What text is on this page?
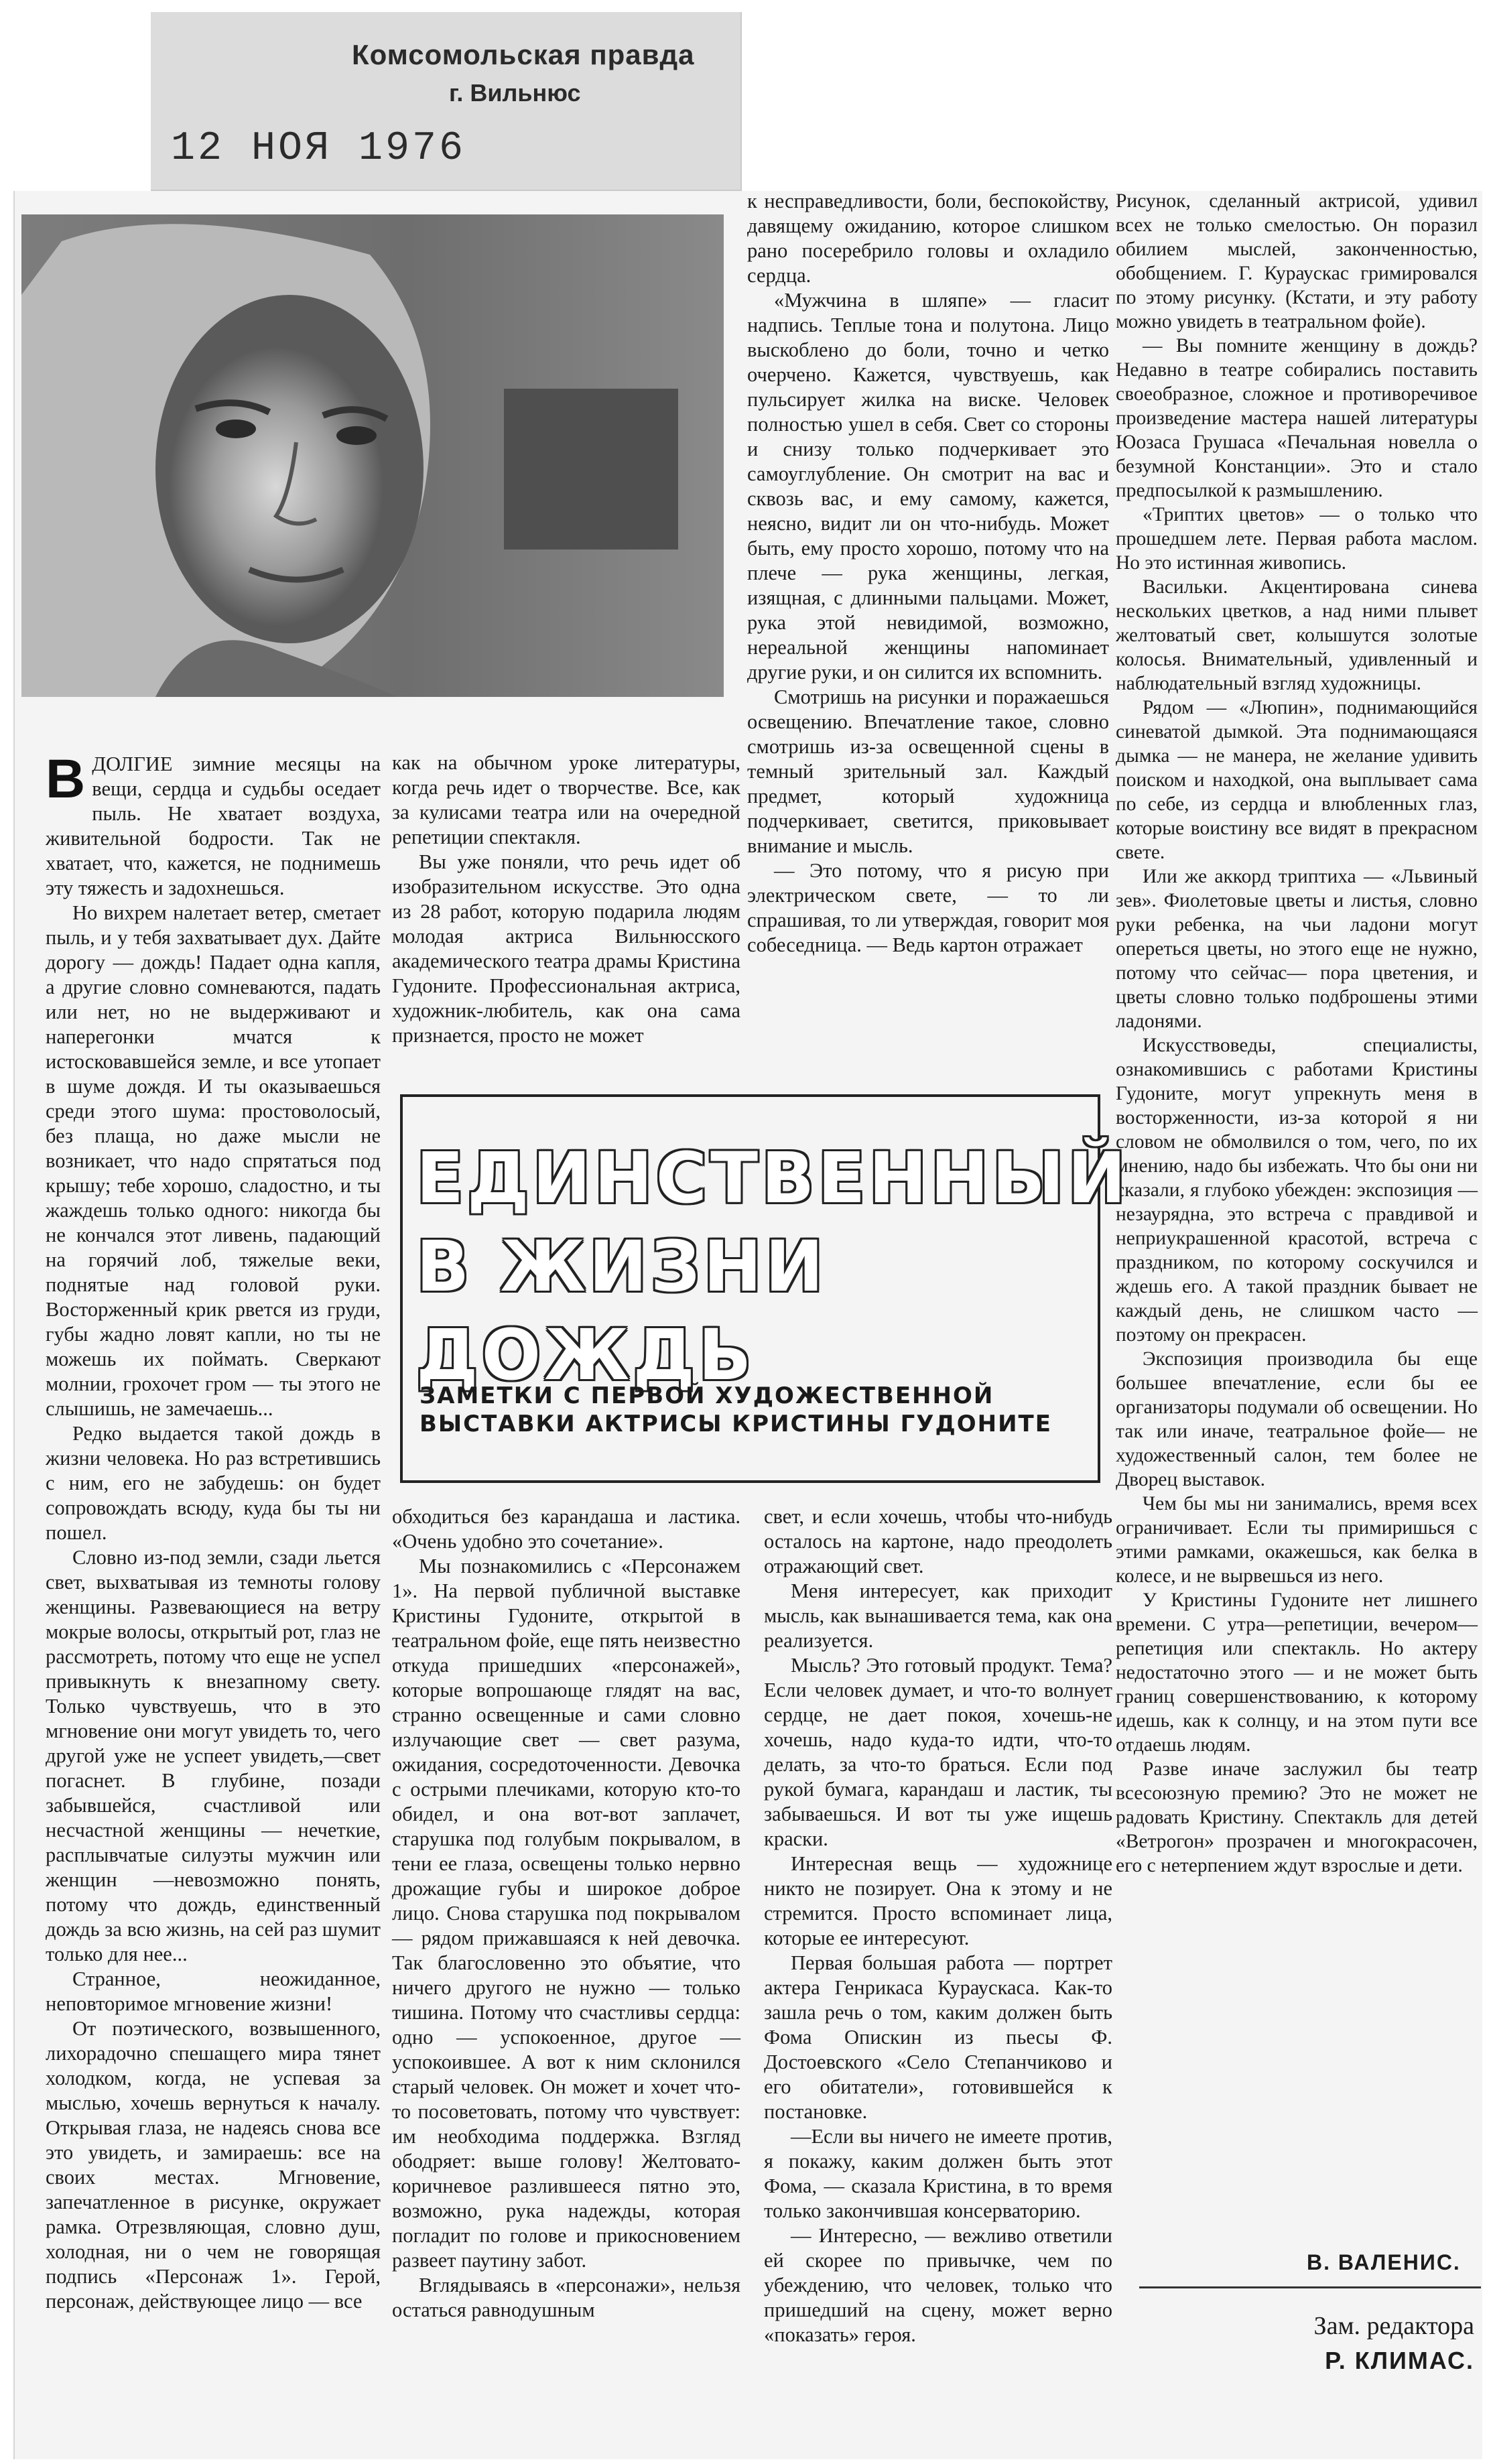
Комсомольская правда
г. Вильнюс
12 НОЯ 1976

ВДОЛГИЕ зимние месяцы на вещи, сердца и судьбы оседает пыль. Не хватает воздуха, живительной бодрости. Так не хватает, что, кажется, не поднимешь эту тяжесть и задохнешься.

Но вихрем налетает ветер, сметает пыль, и у тебя захватывает дух. Дайте дорогу — дождь! Падает одна капля, а другие словно сомневаются, падать или нет, но не выдерживают и наперегонки мчатся к истосковавшейся земле, и все утопает в шуме дождя. И ты оказываешься среди этого шума: простоволосый, без плаща, но даже мысли не возникает, что надо спрятаться под крышу; тебе хорошо, сладостно, и ты жаждешь только одного: никогда бы не кончался этот ливень, падающий на горячий лоб, тяжелые веки, поднятые над головой руки. Восторженный крик рвется из груди, губы жадно ловят капли, но ты не можешь их поймать. Сверкают молнии, грохочет гром — ты этого не слышишь, не замечаешь...

Редко выдается такой дождь в жизни человека. Но раз встретившись с ним, его не забудешь: он будет сопровождать всюду, куда бы ты ни пошел.

Словно из-под земли, сзади льется свет, выхватывая из темноты голову женщины. Развевающиеся на ветру мокрые волосы, открытый рот, глаз не рассмотреть, потому что еще не успел привыкнуть к внезапному свету. Только чувствуешь, что в это мгновение они могут увидеть то, чего другой уже не успеет увидеть,—свет погаснет. В глубине, позади забывшейся, счастливой или несчастной женщины — нечеткие, расплывчатые силуэты мужчин или женщин —невозможно понять, потому что дождь, единственный дождь за всю жизнь, на сей раз шумит только для нее...

Странное, неожиданное, неповторимое мгновение жизни!

От поэтического, возвышенного, лихорадочно спешащего мира тянет холодком, когда, не успевая за мыслью, хочешь вернуться к началу. Открывая глаза, не надеясь снова все это увидеть, и замираешь: все на своих местах. Мгновение, запечатленное в рисунке, окружает рамка. Отрезвляющая, словно душ, холодная, ни о чем не говорящая подпись «Персонаж 1». Герой, персонаж, действующее лицо — все

как на обычном уроке литературы, когда речь идет о творчестве. Все, как за кулисами театра или на очередной репетиции спектакля.

Вы уже поняли, что речь идет об изобразительном искусстве. Это одна из 28 работ, которую подарила людям молодая актриса Вильнюсского академического театра драмы Кристина Гудоните. Профессиональная актриса, художник-любитель, как она сама признается, просто не может

обходиться без карандаша и ластика. «Очень удобно это сочетание».

Мы познакомились с «Персонажем 1». На первой публичной выставке Кристины Гудоните, открытой в театральном фойе, еще пять неизвестно откуда пришедших «персонажей», которые вопрошающе глядят на вас, странно освещенные и сами словно излучающие свет — свет разума, ожидания, сосредоточенности. Девочка с острыми плечиками, которую кто-то обидел, и она вот-вот заплачет, старушка под голубым покрывалом, в тени ее глаза, освещены только нервно дрожащие губы и широкое доброе лицо. Снова старушка под покрывалом — рядом прижавшаяся к ней девочка. Так благословенно это объятие, что ничего другого не нужно — только тишина. Потому что счастливы сердца: одно — успокоенное, другое — успокоившее. А вот к ним склонился старый человек. Он может и хочет что-то посоветовать, потому что чувствует: им необходима поддержка. Взгляд ободряет: выше голову! Желтовато-коричневое разлившееся пятно это, возможно, рука надежды, которая погладит по голове и прикосновением развеет паутину забот.

Вглядываясь в «персонажи», нельзя остаться равнодушным

к несправедливости, боли, беспокойству, давящему ожиданию, которое слишком рано посеребрило головы и охладило сердца.

«Мужчина в шляпе» — гласит надпись. Теплые тона и полутона. Лицо выскоблено до боли, точно и четко очерчено. Кажется, чувствуешь, как пульсирует жилка на виске. Человек полностью ушел в себя. Свет со стороны и снизу только подчеркивает это самоуглубление. Он смотрит на вас и сквозь вас, и ему самому, кажется, неясно, видит ли он что-нибудь. Может быть, ему просто хорошо, потому что на плече — рука женщины, легкая, изящная, с длинными пальцами. Может, рука этой невидимой, возможно, нереальной женщины напоминает другие руки, и он силится их вспомнить.

Смотришь на рисунки и поражаешься освещению. Впечатление такое, словно смотришь из-за освещенной сцены в темный зрительный зал. Каждый предмет, который художница подчеркивает, светится, приковывает внимание и мысль.

— Это потому, что я рисую при электрическом свете, — то ли спрашивая, то ли утверждая, говорит моя собеседница. — Ведь картон отражает

свет, и если хочешь, чтобы что-нибудь осталось на картоне, надо преодолеть отражающий свет.

Меня интересует, как приходит мысль, как вынашивается тема, как она реализуется.

Мысль? Это готовый продукт. Тема? Если человек думает, и что-то волнует сердце, не дает покоя, хочешь-не хочешь, надо куда-то идти, что-то делать, за что-то браться. Если под рукой бумага, карандаш и ластик, ты забываешься. И вот ты уже ищешь краски.

Интересная вещь — художнице никто не позирует. Она к этому и не стремится. Просто вспоминает лица, которые ее интересуют.

Первая большая работа — портрет актера Генрикаса Кураускаса. Как-то зашла речь о том, каким должен быть Фома Опискин из пьесы Ф. Достоевского «Село Степанчиково и его обитатели», готовившейся к постановке.

—Если вы ничего не имеете против, я покажу, каким должен быть этот Фома, — сказала Кристина, в то время только закончившая консерваторию.

— Интересно, — вежливо ответили ей скорее по привычке, чем по убеждению, что человек, только что пришедший на сцену, может верно «показать» героя.

Рисунок, сделанный актрисой, удивил всех не только смелостью. Он поразил обилием мыслей, законченностью, обобщением. Г. Кураускас гримировался по этому рисунку. (Кстати, и эту работу можно увидеть в театральном фойе).

— Вы помните женщину в дождь? Недавно в театре собирались поставить своеобразное, сложное и противоречивое произведение мастера нашей литературы Юозаса Грушаса «Печальная новелла о безумной Констанции». Это и стало предпосылкой к размышлению.

«Триптих цветов» — о только что прошедшем лете. Первая работа маслом. Но это истинная живопись.

Васильки. Акцентирована синева нескольких цветков, а над ними плывет желтоватый свет, колышутся золотые колосья. Внимательный, удивленный и наблюдательный взгляд художницы.

Рядом — «Люпин», поднимающийся синеватой дымкой. Эта поднимающаяся дымка — не манера, не желание удивить поиском и находкой, она выплывает сама по себе, из сердца и влюбленных глаз, которые воистину все видят в прекрасном свете.

Или же аккорд триптиха — «Львиный зев». Фиолетовые цветы и листья, словно руки ребенка, на чьи ладони могут опереться цветы, но этого еще не нужно, потому что сейчас— пора цветения, и цветы словно только подброшены этими ладонями.

Искусствоведы, специалисты, ознакомившись с работами Кристины Гудоните, могут упрекнуть меня в восторженности, из-за которой я ни словом не обмолвился о том, чего, по их мнению, надо бы избежать. Что бы они ни сказали, я глубоко убежден: экспозиция — незаурядна, это встреча с правдивой и неприукрашенной красотой, встреча с праздником, по которому соскучился и ждешь его. А такой праздник бывает не каждый день, не слишком часто — поэтому он прекрасен.

Экспозиция производила бы еще большее впечатление, если бы ее организаторы подумали об освещении. Но так или иначе, театральное фойе— не художественный салон, тем более не Дворец выставок.

Чем бы мы ни занимались, время всех ограничивает. Если ты примиришься с этими рамками, окажешься, как белка в колесе, и не вырвешься из него.

У Кристины Гудоните нет лишнего времени. С утра—репетиции, вечером—репетиция или спектакль. Но актеру недостаточно этого — и не может быть границ совершенствованию, к которому идешь, как к солнцу, и на этом пути все отдаешь людям.

Разве иначе заслужил бы театр всесоюзную премию? Это не может не радовать Кристину. Спектакль для детей «Ветрогон» прозрачен и многокрасочен, его с нетерпением ждут взрослые и дети.

ЕДИНСТВЕННЫЙ В ЖИЗНИ ДОЖДЬ
ЗАМЕТКИ С ПЕРВОЙ ХУДОЖЕСТВЕННОЙ ВЫСТАВКИ АКТРИСЫ КРИСТИНЫ ГУДОНИТЕ
В. ВАЛЕНИС.
Зам. редактора
Р. КЛИМАС.
